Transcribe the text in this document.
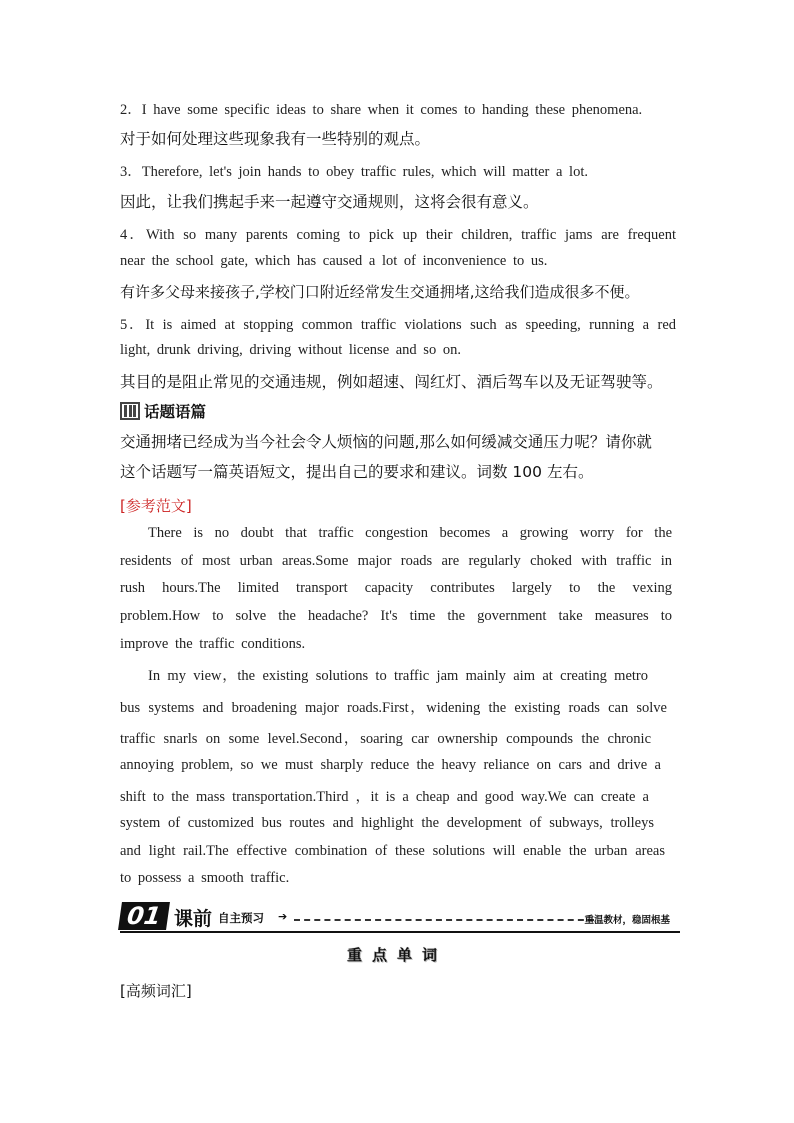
2．I have some specific ideas to share when it comes to handing these phenomena.
对于如何处理这些现象我有一些特别的观点。
3．Therefore, let's join hands to obey traffic rules, which will matter a lot.
因此，让我们携起手来一起遵守交通规则，这将会很有意义。
4．With so many parents coming to pick up their children, traffic jams are frequent
near the school gate, which has caused a lot of inconvenience to us.
有许多父母来接孩子,学校门口附近经常发生交通拥堵,这给我们造成很多不便。
5．It is aimed at stopping common traffic violations such as speeding, running a red
light, drunk driving, driving without license and so on.
其目的是阻止常见的交通违规，例如超速、闯红灯、酒后驾车以及无证驾驶等。
话题语篇
交通拥堵已经成为当今社会令人烦恼的问题,那么如何缓减交通压力呢？请你就
这个话题写一篇英语短文，提出自己的要求和建议。词数 100 左右。
[参考范文]
There is no doubt that traffic congestion becomes a growing worry for the
residents of most urban areas.Some major roads are regularly choked with traffic in
rush hours.The limited transport capacity contributes largely to the vexing
problem.How to solve the headache? It's time the government take measures to
improve the traffic conditions.
In my view，the existing solutions to traffic jam mainly aim at creating metro
bus systems and broadening major roads.First，widening the existing roads can solve
traffic snarls on some level.Second，soaring car ownership compounds the chronic
annoying problem, so we must sharply reduce the heavy reliance on cars and drive a
shift to the mass transportation.Third ，it is a cheap and good way.We can create a
system of customized bus routes and highlight the development of subways, trolleys
and light rail.The effective combination of these solutions will enable the urban areas
to possess a smooth traffic.
01 课前 自主预习 ➔	重温教材，稳固根基
重点单词
[高频词汇]
